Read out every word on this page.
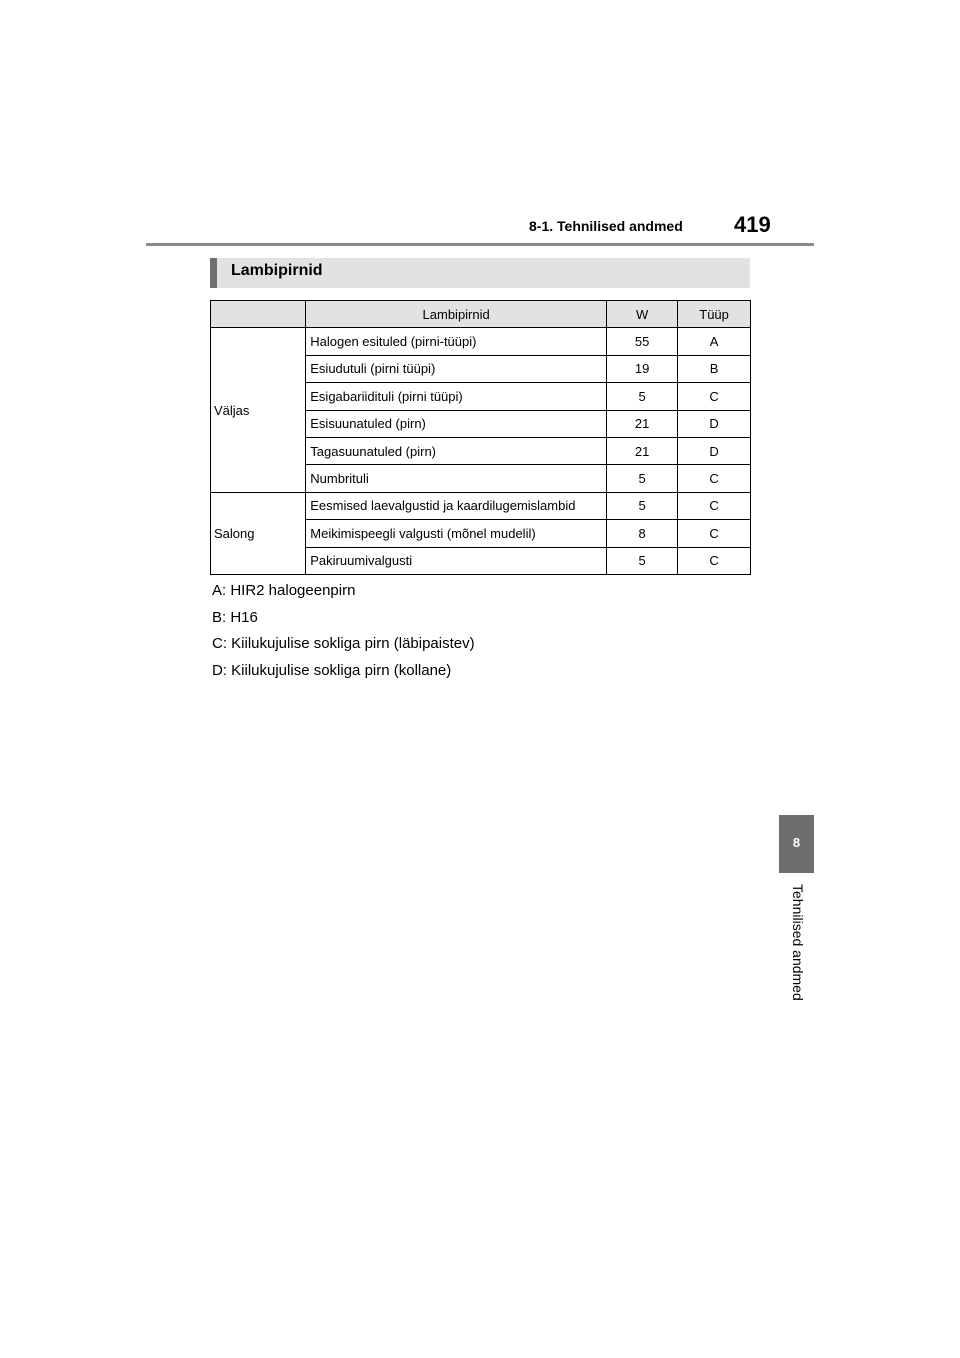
8-1. Tehnilised andmed	419
Lambipirnid
	Lambipirnid	W	Tüüp
Väljas	Halogen esituled (pirni-tüüpi)	55	A
	Esiudutuli (pirni tüüpi)	19	B
	Esigabariidituli (pirni tüüpi)	5	C
	Esisuunatuled (pirn)	21	D
	Tagasuunatuled (pirn)	21	D
	Numbrituli	5	C
Salong	Eesmised laevalgustid ja kaardilugemislambid	5	C
	Meikimispeegli valgusti (mõnel mudelil)	8	C
	Pakiruumivalgusti	5	C
A: HIR2 halogeenpirn
B: H16
C: Kiilukujulise sokliga pirn (läbipaistev)
D: Kiilukujulise sokliga pirn (kollane)
8
Tehnilised andmed
